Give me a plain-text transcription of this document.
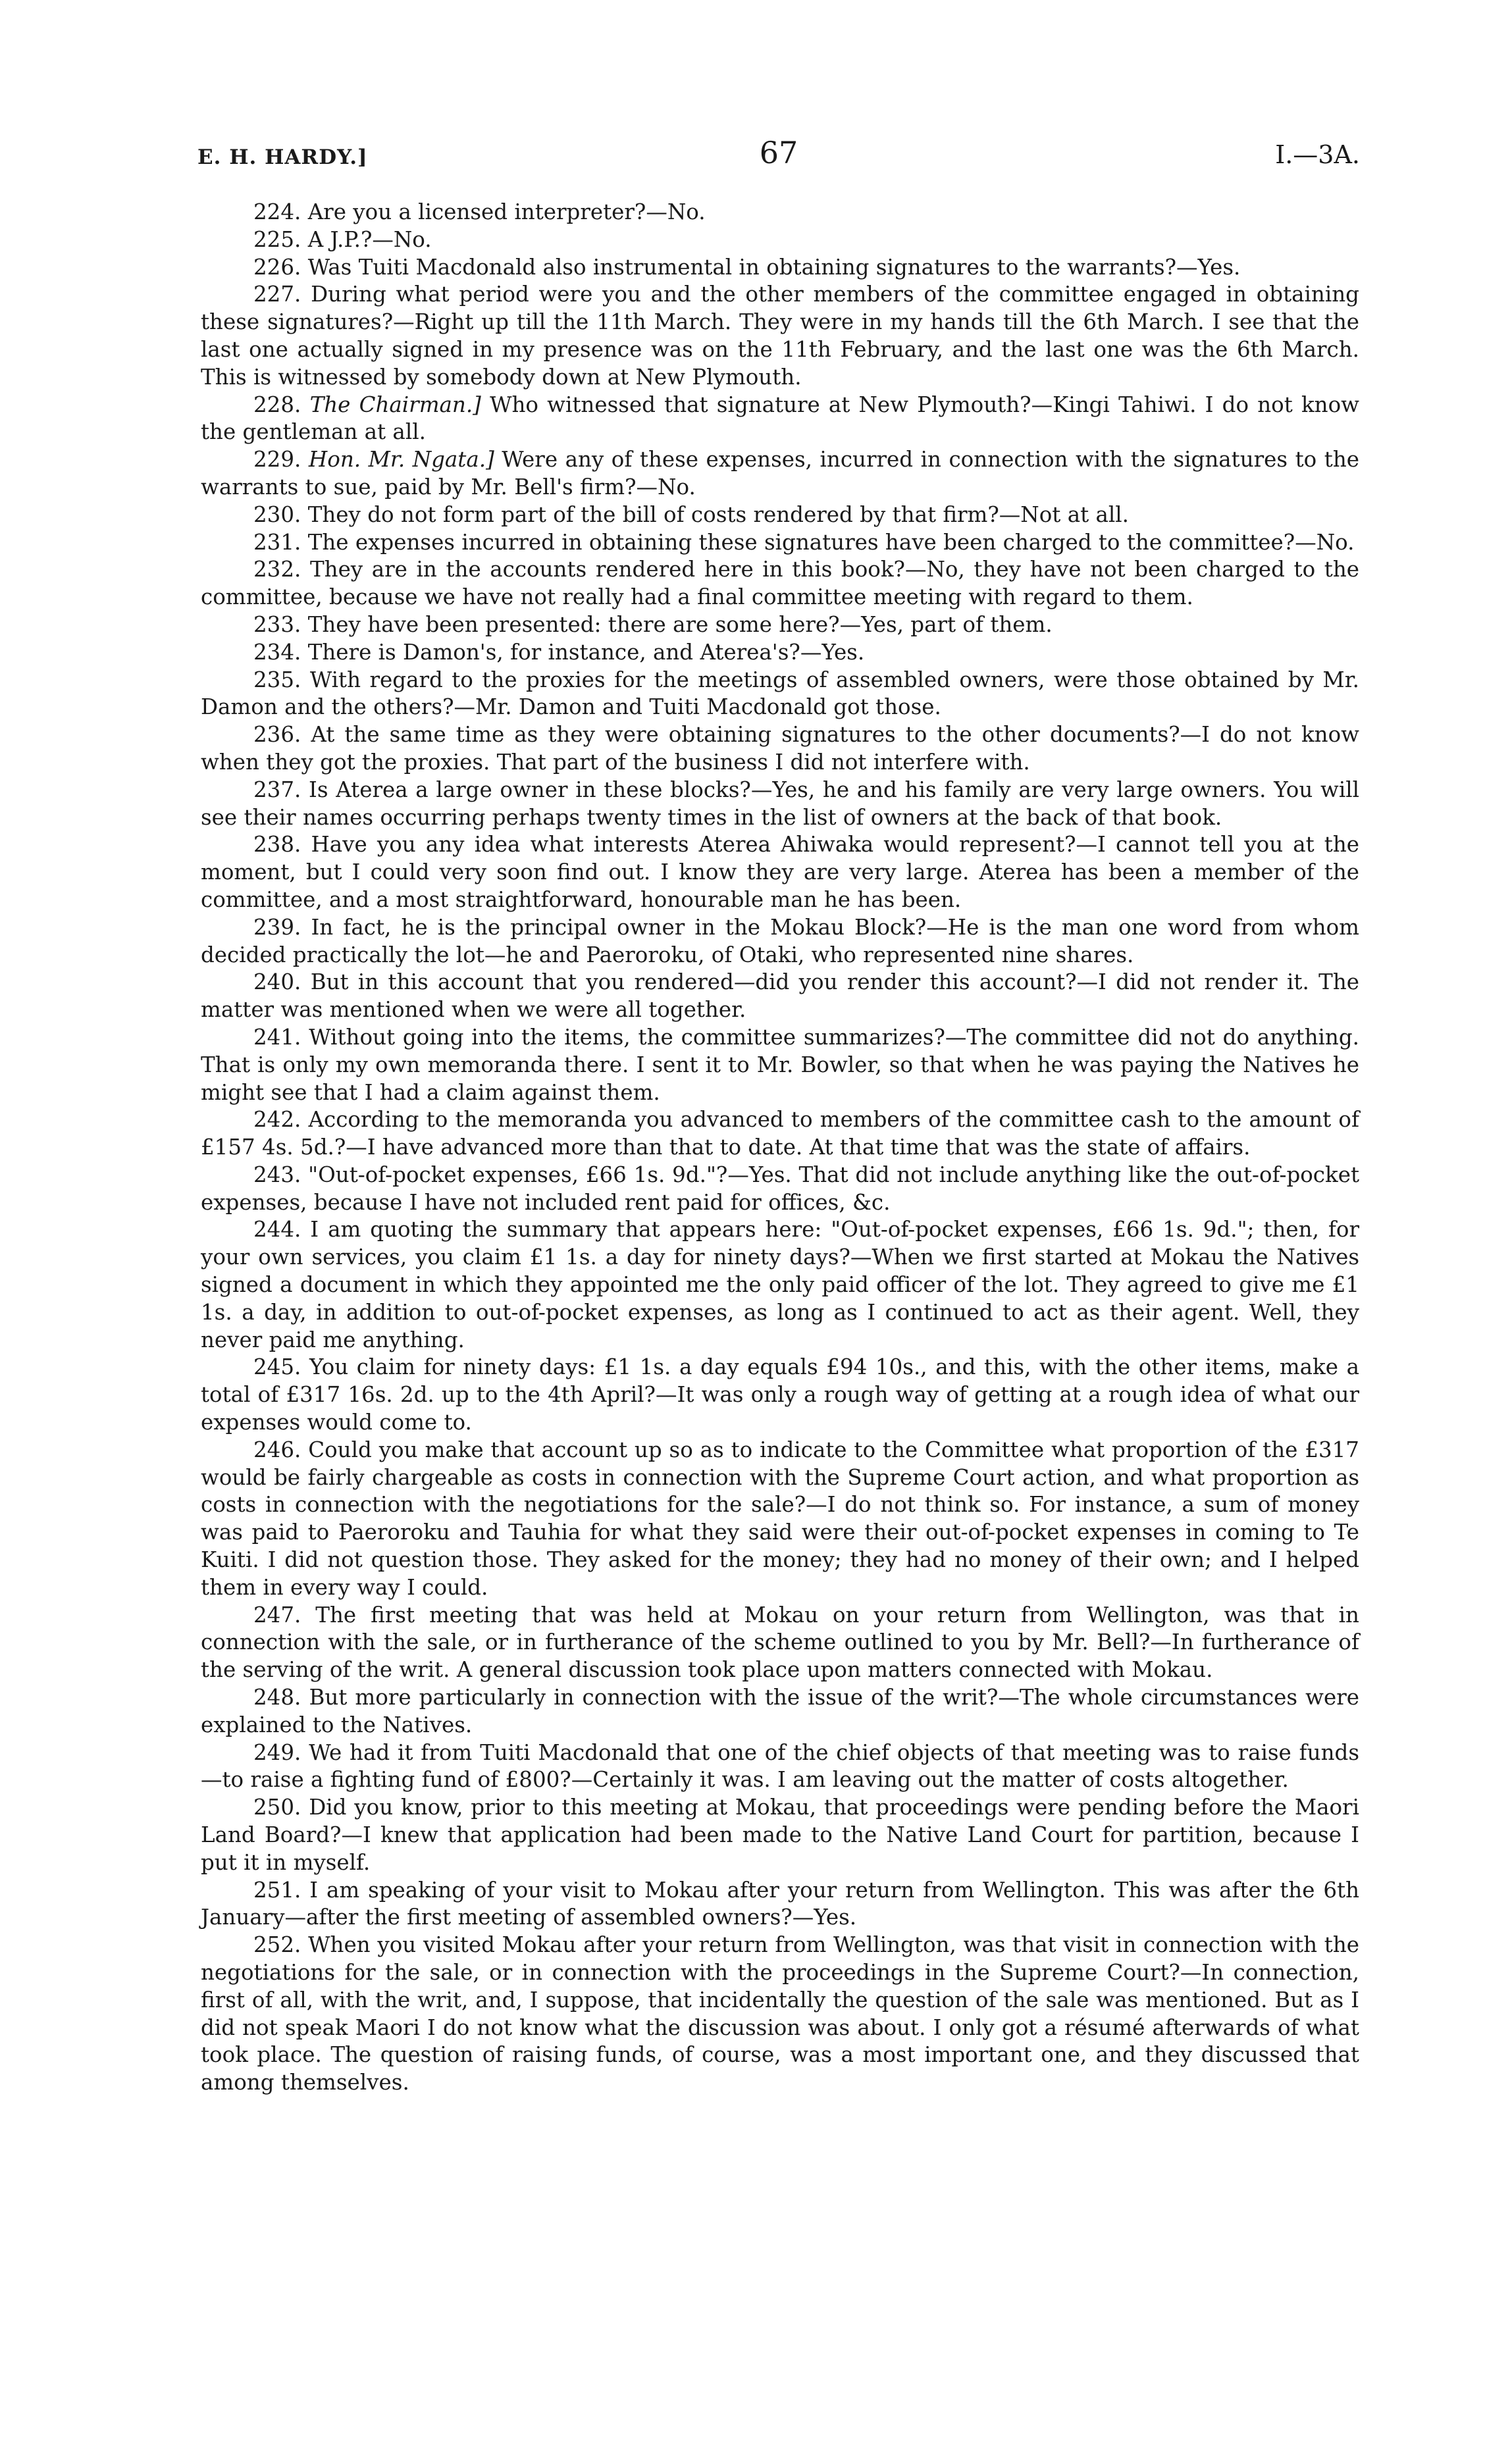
E. H. HARDY.]	67	I.—3A.

224. Are you a licensed interpreter?—No.

225. A J.P.?—No.

226. Was Tuiti Macdonald also instrumental in obtaining signatures to the warrants?—Yes.

227. During what period were you and the other members of the committee engaged in obtaining these signatures?—Right up till the 11th March. They were in my hands till the 6th March. I see that the last one actually signed in my presence was on the 11th February, and the last one was the 6th March. This is witnessed by somebody down at New Plymouth.

228. The Chairman.] Who witnessed that signature at New Plymouth?—Kingi Tahiwi. I do not know the gentleman at all.

229. Hon. Mr. Ngata.] Were any of these expenses, incurred in connection with the signatures to the warrants to sue, paid by Mr. Bell's firm?—No.

230. They do not form part of the bill of costs rendered by that firm?—Not at all.

231. The expenses incurred in obtaining these signatures have been charged to the committee?—No.

232. They are in the accounts rendered here in this book?—No, they have not been charged to the committee, because we have not really had a final committee meeting with regard to them.

233. They have been presented: there are some here?—Yes, part of them.

234. There is Damon's, for instance, and Aterea's?—Yes.

235. With regard to the proxies for the meetings of assembled owners, were those obtained by Mr. Damon and the others?—Mr. Damon and Tuiti Macdonald got those.

236. At the same time as they were obtaining signatures to the other documents?—I do not know when they got the proxies. That part of the business I did not interfere with.

237. Is Aterea a large owner in these blocks?—Yes, he and his family are very large owners. You will see their names occurring perhaps twenty times in the list of owners at the back of that book.

238. Have you any idea what interests Aterea Ahiwaka would represent?—I cannot tell you at the moment, but I could very soon find out. I know they are very large. Aterea has been a member of the committee, and a most straightforward, honourable man he has been.

239. In fact, he is the principal owner in the Mokau Block?—He is the man one word from whom decided practically the lot—he and Paeroroku, of Otaki, who represented nine shares.

240. But in this account that you rendered—did you render this account?—I did not render it. The matter was mentioned when we were all together.

241. Without going into the items, the committee summarizes?—The committee did not do anything. That is only my own memoranda there. I sent it to Mr. Bowler, so that when he was paying the Natives he might see that I had a claim against them.

242. According to the memoranda you advanced to members of the committee cash to the amount of £157 4s. 5d.?—I have advanced more than that to date. At that time that was the state of affairs.

243. "Out-of-pocket expenses, £66 1s. 9d."?—Yes. That did not include anything like the out-of-pocket expenses, because I have not included rent paid for offices, &c.

244. I am quoting the summary that appears here: "Out-of-pocket expenses, £66 1s. 9d."; then, for your own services, you claim £1 1s. a day for ninety days?—When we first started at Mokau the Natives signed a document in which they appointed me the only paid officer of the lot. They agreed to give me £1 1s. a day, in addition to out-of-pocket expenses, as long as I continued to act as their agent. Well, they never paid me anything.

245. You claim for ninety days: £1 1s. a day equals £94 10s., and this, with the other items, make a total of £317 16s. 2d. up to the 4th April?—It was only a rough way of getting at a rough idea of what our expenses would come to.

246. Could you make that account up so as to indicate to the Committee what proportion of the £317 would be fairly chargeable as costs in connection with the Supreme Court action, and what proportion as costs in connection with the negotiations for the sale?—I do not think so. For instance, a sum of money was paid to Paeroroku and Tauhia for what they said were their out-of-pocket expenses in coming to Te Kuiti. I did not question those. They asked for the money; they had no money of their own; and I helped them in every way I could.

247. The first meeting that was held at Mokau on your return from Wellington, was that in connection with the sale, or in furtherance of the scheme outlined to you by Mr. Bell?—In furtherance of the serving of the writ. A general discussion took place upon matters connected with Mokau.

248. But more particularly in connection with the issue of the writ?—The whole circumstances were explained to the Natives.

249. We had it from Tuiti Macdonald that one of the chief objects of that meeting was to raise funds—to raise a fighting fund of £800?—Certainly it was. I am leaving out the matter of costs altogether.

250. Did you know, prior to this meeting at Mokau, that proceedings were pending before the Maori Land Board?—I knew that application had been made to the Native Land Court for partition, because I put it in myself.

251. I am speaking of your visit to Mokau after your return from Wellington. This was after the 6th January—after the first meeting of assembled owners?—Yes.

252. When you visited Mokau after your return from Wellington, was that visit in connection with the negotiations for the sale, or in connection with the proceedings in the Supreme Court?—In connection, first of all, with the writ, and, I suppose, that incidentally the question of the sale was mentioned. But as I did not speak Maori I do not know what the discussion was about. I only got a résumé afterwards of what took place. The question of raising funds, of course, was a most important one, and they discussed that among themselves.
